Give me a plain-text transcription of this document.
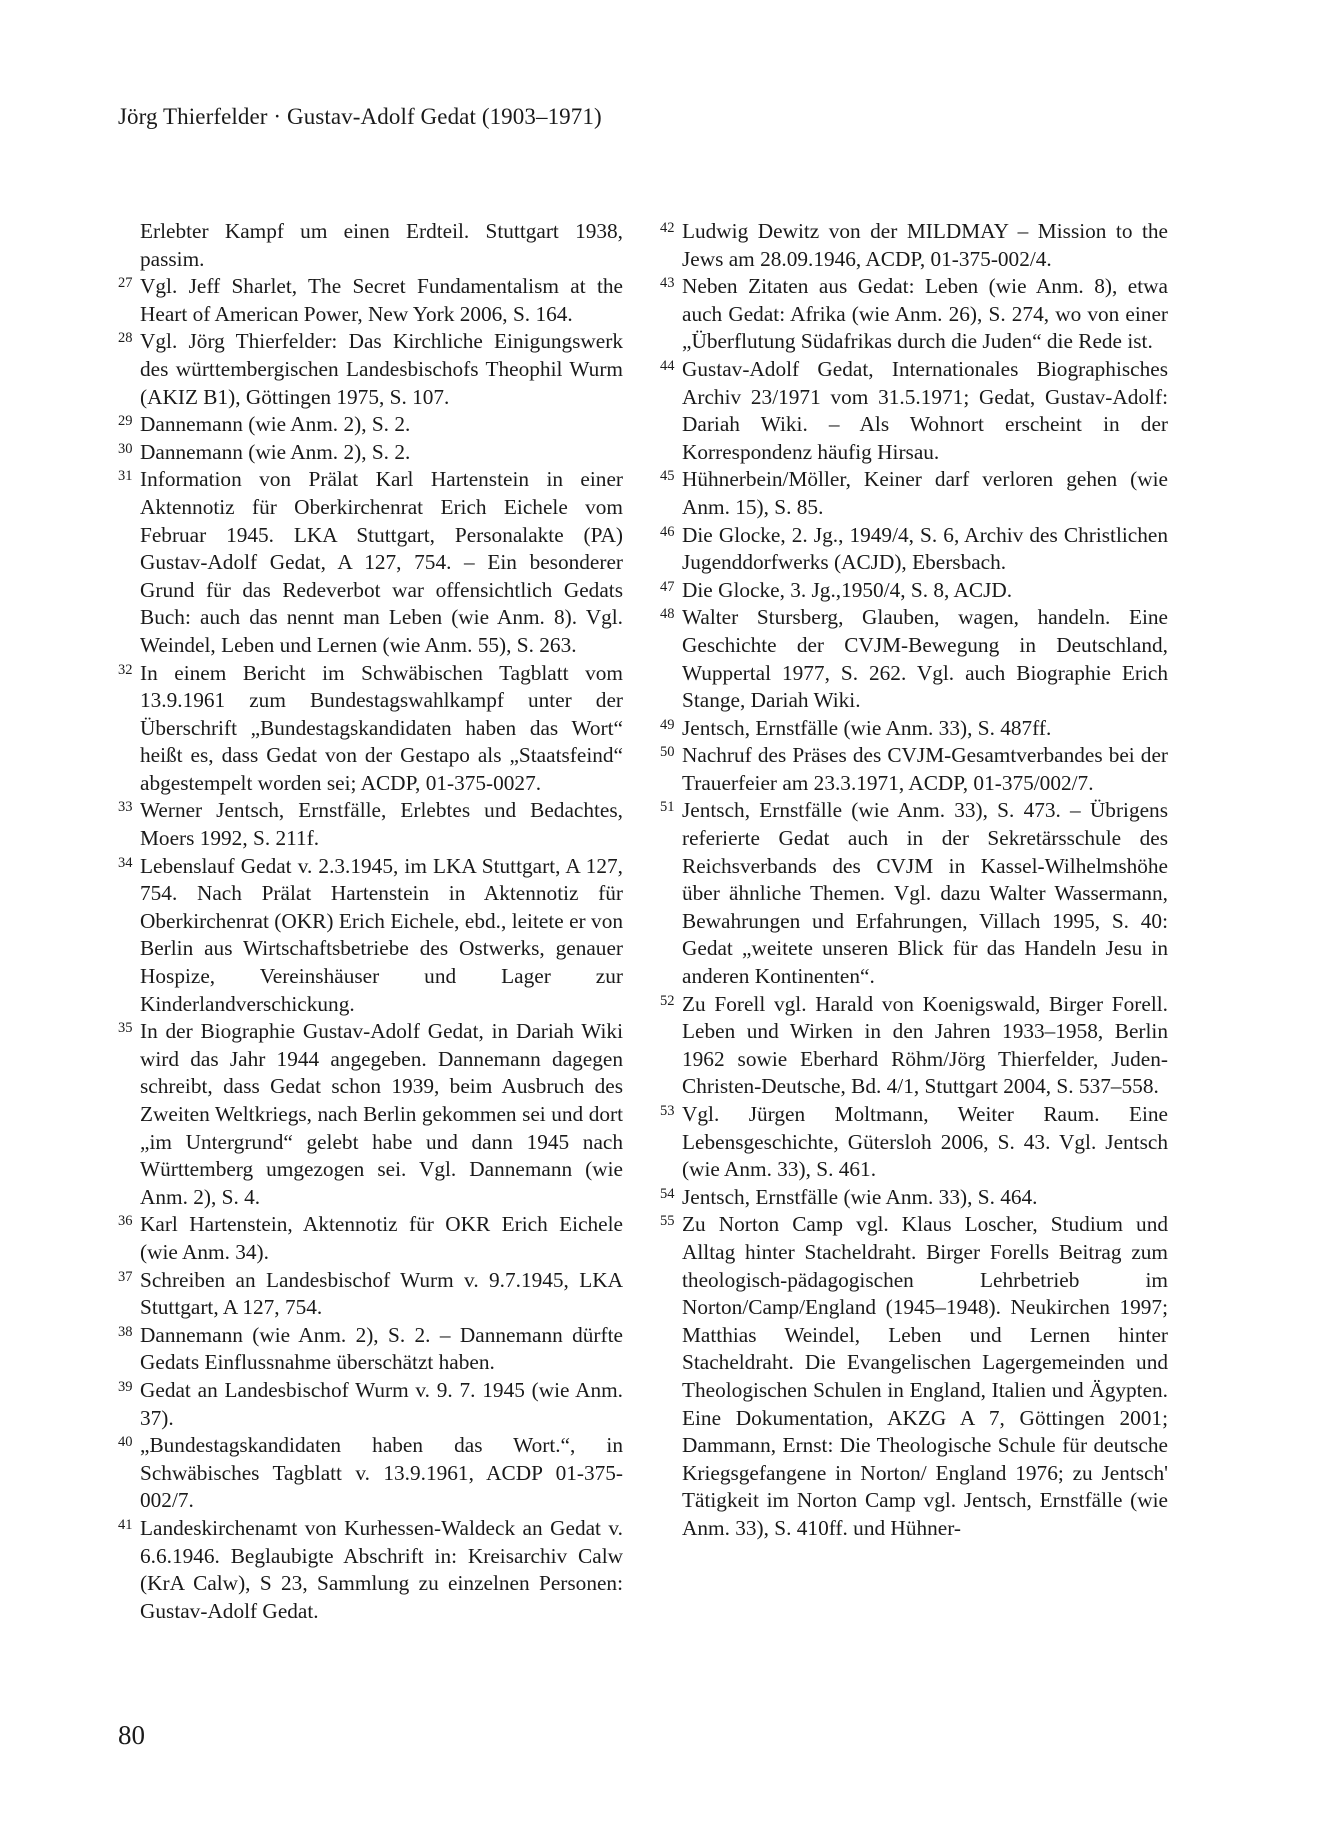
Jörg Thierfelder · Gustav-Adolf Gedat (1903–1971)

Erlebter Kampf um einen Erdteil. Stuttgart 1938, passim.

27 Vgl. Jeff Sharlet, The Secret Fundamentalism at the Heart of American Power, New York 2006, S. 164.

28 Vgl. Jörg Thierfelder: Das Kirchliche Einigungswerk des württembergischen Landesbischofs Theophil Wurm (AKIZ B1), Göttingen 1975, S. 107.

29 Dannemann (wie Anm. 2), S. 2.

30 Dannemann (wie Anm. 2), S. 2.

31 Information von Prälat Karl Hartenstein in einer Aktennotiz für Oberkirchenrat Erich Eichele vom Februar 1945. LKA Stuttgart, Personalakte (PA) Gustav-Adolf Gedat, A 127, 754. – Ein besonderer Grund für das Redeverbot war offensichtlich Gedats Buch: auch das nennt man Leben (wie Anm. 8). Vgl. Weindel, Leben und Lernen (wie Anm. 55), S. 263.

32 In einem Bericht im Schwäbischen Tagblatt vom 13.9.1961 zum Bundestagswahlkampf unter der Überschrift „Bundestagskandidaten haben das Wort“ heißt es, dass Gedat von der Gestapo als „Staatsfeind“ abgestempelt worden sei; ACDP, 01-375-0027.

33 Werner Jentsch, Ernstfälle, Erlebtes und Bedachtes, Moers 1992, S. 211f.

34 Lebenslauf Gedat v. 2.3.1945, im LKA Stuttgart, A 127, 754. Nach Prälat Hartenstein in Aktennotiz für Oberkirchenrat (OKR) Erich Eichele, ebd., leitete er von Berlin aus Wirtschaftsbetriebe des Ostwerks, genauer Hospize, Vereinshäuser und Lager zur Kinderlandverschickung.

35 In der Biographie Gustav-Adolf Gedat, in Dariah Wiki wird das Jahr 1944 angegeben. Dannemann dagegen schreibt, dass Gedat schon 1939, beim Ausbruch des Zweiten Weltkriegs, nach Berlin gekommen sei und dort „im Untergrund“ gelebt habe und dann 1945 nach Württemberg umgezogen sei. Vgl. Dannemann (wie Anm. 2), S. 4.

36 Karl Hartenstein, Aktennotiz für OKR Erich Eichele (wie Anm. 34).

37 Schreiben an Landesbischof Wurm v. 9.7.1945, LKA Stuttgart, A 127, 754.

38 Dannemann (wie Anm. 2), S. 2. – Dannemann dürfte Gedats Einflussnahme überschätzt haben.

39 Gedat an Landesbischof Wurm v. 9. 7. 1945 (wie Anm. 37).

40 „Bundestagskandidaten haben das Wort.“, in Schwäbisches Tagblatt v. 13.9.1961, ACDP 01-375-002/7.

41 Landeskirchenamt von Kurhessen-Waldeck an Gedat v. 6.6.1946. Beglaubigte Abschrift in: Kreisarchiv Calw (KrA Calw), S 23, Sammlung zu einzelnen Personen: Gustav-Adolf Gedat.

42 Ludwig Dewitz von der MILDMAY – Mission to the Jews am 28.09.1946, ACDP, 01-375-002/4.

43 Neben Zitaten aus Gedat: Leben (wie Anm. 8), etwa auch Gedat: Afrika (wie Anm. 26), S. 274, wo von einer „Überflutung Südafrikas durch die Juden“ die Rede ist.

44 Gustav-Adolf Gedat, Internationales Biographisches Archiv 23/1971 vom 31.5.1971; Gedat, Gustav-Adolf: Dariah Wiki. – Als Wohnort erscheint in der Korrespondenz häufig Hirsau.

45 Hühnerbein/Möller, Keiner darf verloren gehen (wie Anm. 15), S. 85.

46 Die Glocke, 2. Jg., 1949/4, S. 6, Archiv des Christlichen Jugenddorfwerks (ACJD), Ebersbach.

47 Die Glocke, 3. Jg.,1950/4, S. 8, ACJD.

48 Walter Stursberg, Glauben, wagen, handeln. Eine Geschichte der CVJM-Bewegung in Deutschland, Wuppertal 1977, S. 262. Vgl. auch Biographie Erich Stange, Dariah Wiki.

49 Jentsch, Ernstfälle (wie Anm. 33), S. 487ff.

50 Nachruf des Präses des CVJM-Gesamtverbandes bei der Trauerfeier am 23.3.1971, ACDP, 01-375/002/7.

51 Jentsch, Ernstfälle (wie Anm. 33), S. 473. – Übrigens referierte Gedat auch in der Sekretärsschule des Reichsverbands des CVJM in Kassel-Wilhelmshöhe über ähnliche Themen. Vgl. dazu Walter Wassermann, Bewahrungen und Erfahrungen, Villach 1995, S. 40: Gedat „weitete unseren Blick für das Handeln Jesu in anderen Kontinenten“.

52 Zu Forell vgl. Harald von Koenigswald, Birger Forell. Leben und Wirken in den Jahren 1933–1958, Berlin 1962 sowie Eberhard Röhm/Jörg Thierfelder, Juden-Christen-Deutsche, Bd. 4/1, Stuttgart 2004, S. 537–558.

53 Vgl. Jürgen Moltmann, Weiter Raum. Eine Lebensgeschichte, Gütersloh 2006, S. 43. Vgl. Jentsch (wie Anm. 33), S. 461.

54 Jentsch, Ernstfälle (wie Anm. 33), S. 464.

55 Zu Norton Camp vgl. Klaus Loscher, Studium und Alltag hinter Stacheldraht. Birger Forells Beitrag zum theologisch-pädagogischen Lehrbetrieb im Norton/Camp/England (1945–1948). Neukirchen 1997; Matthias Weindel, Leben und Lernen hinter Stacheldraht. Die Evangelischen Lagergemeinden und Theologischen Schulen in England, Italien und Ägypten. Eine Dokumentation, AKZG A 7, Göttingen 2001; Dammann, Ernst: Die Theologische Schule für deutsche Kriegsgefangene in Norton/ England 1976; zu Jentsch' Tätigkeit im Norton Camp vgl. Jentsch, Ernstfälle (wie Anm. 33), S. 410ff. und Hühner-

80
